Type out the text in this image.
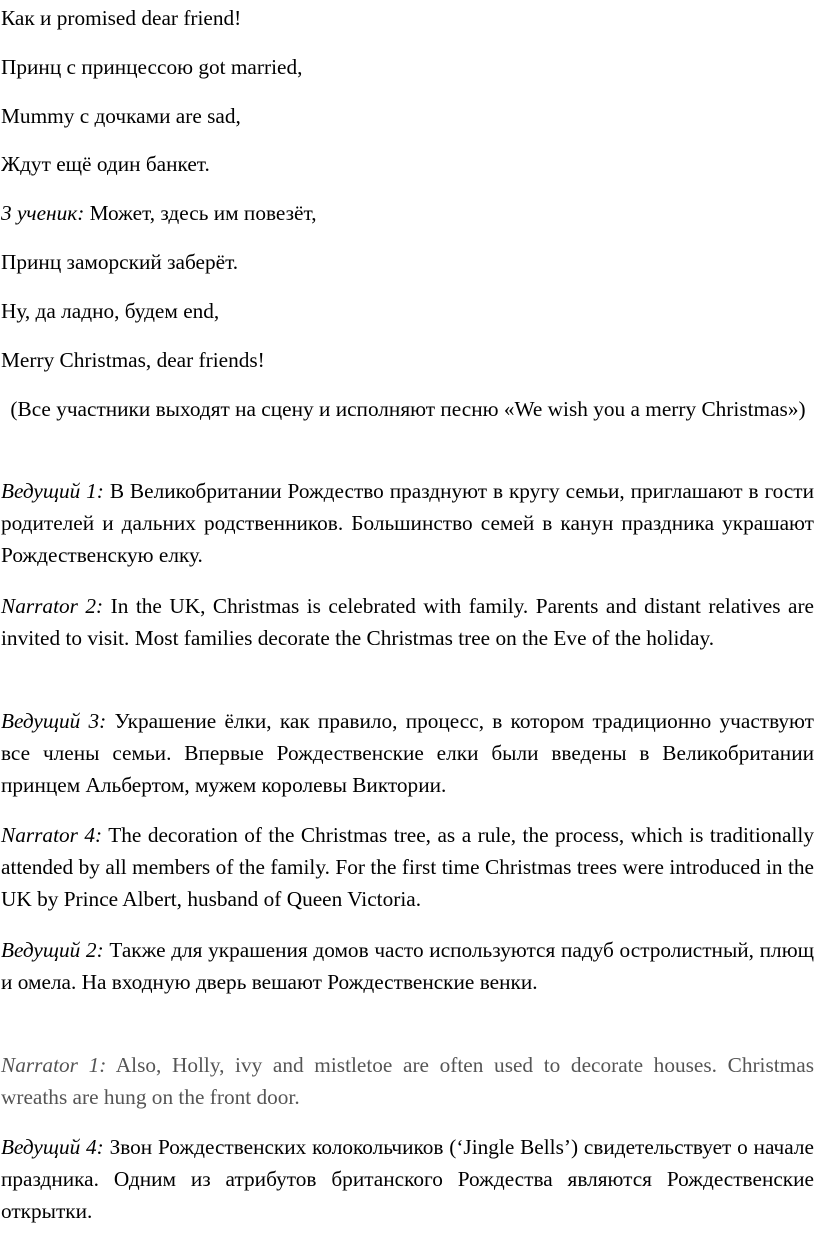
Как и promised dear friend!

Принц с принцессою got married,

Mummy с дочками are sad,

Ждут ещё один банкет.

3 ученик: Может, здесь им повезёт,

Принц заморский заберёт.

Ну, да ладно, будем end,

Merry Christmas, dear friends!

(Все участники выходят на сцену и исполняют песню «We wish you a merry Christmas»)

Ведущий 1: В Великобритании Рождество празднуют в кругу семьи, приглашают в гости родителей и дальних родственников. Большинство семей в канун праздника украшают Рождественскую елку.

Narrator 2: In the UK, Christmas is celebrated with family. Parents and distant relatives are invited to visit. Most families decorate the Christmas tree on the Eve of the holiday.

Ведущий 3: Украшение ёлки, как правило, процесс, в котором традиционно участвуют все члены семьи. Впервые Рождественские елки были введены в Великобритании принцем Альбертом, мужем королевы Виктории.

Narrator 4: The decoration of the Christmas tree, as a rule, the process, which is traditionally attended by all members of the family. For the first time Christmas trees were introduced in the UK by Prince Albert, husband of Queen Victoria.

Ведущий 2: Также для украшения домов часто используются падуб остролистный, плющ и омела. На входную дверь вешают Рождественские венки.

Narrator 1: Also, Holly, ivy and mistletoe are often used to decorate houses. Christmas wreaths are hung on the front door.

Ведущий 4: Звон Рождественских колокольчиков (‘Jingle Bells’) свидетельствует о начале праздника. Одним из атрибутов британского Рождества являются Рождественские открытки.
